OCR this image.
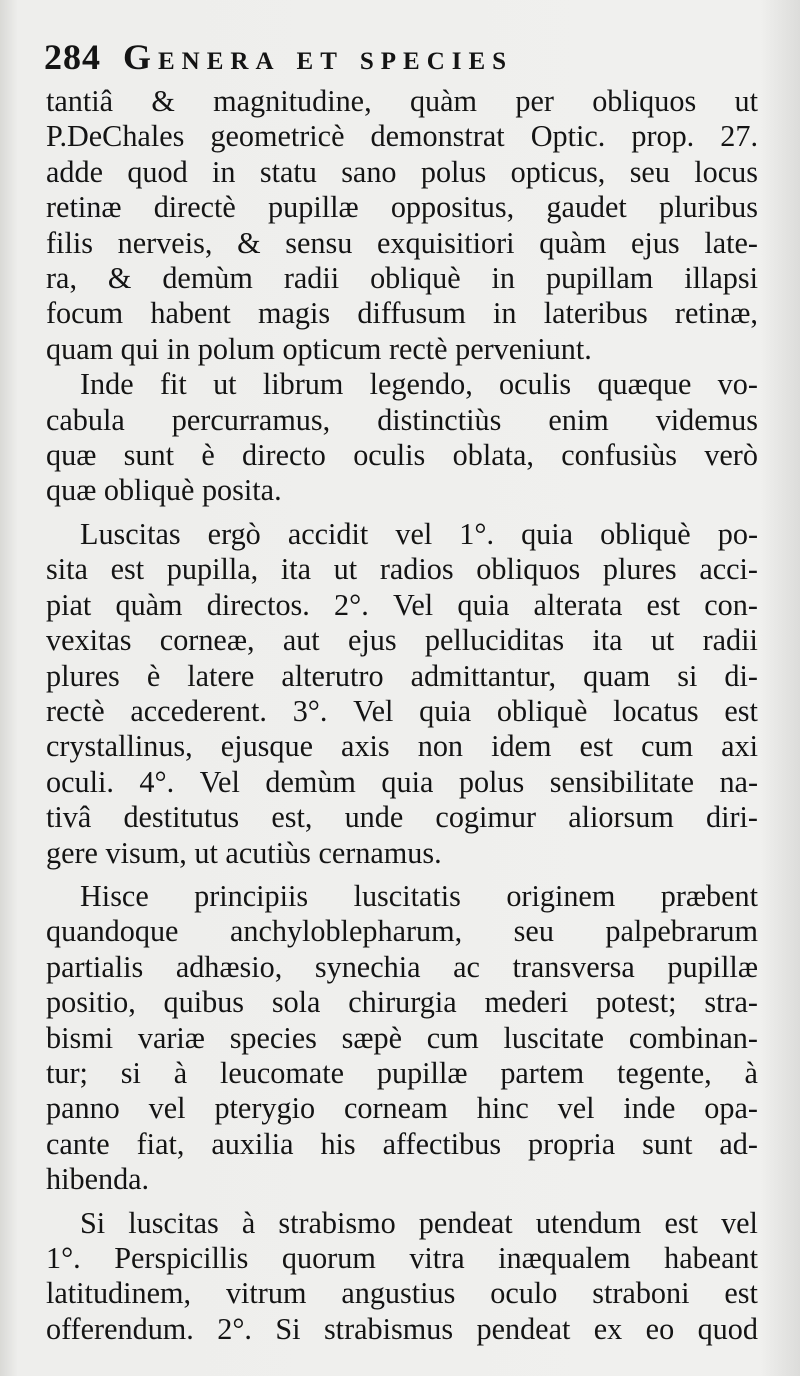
284 Genera et species
tantiâ & magnitudine, quàm per obliquos ut
P.DeChales geometricè demonstrat Optic. prop. 27.
adde quod in statu sano polus opticus, seu locus
retinæ directè pupillæ oppositus, gaudet pluribus
filis nerveis, & sensu exquisitiori quàm ejus late-
ra, & demùm radii obliquè in pupillam illapsi
focum habent magis diffusum in lateribus retinæ,
quam qui in polum opticum rectè perveniunt.
Inde fit ut librum legendo, oculis quæque vo-
cabula percurramus, distinctiùs enim videmus
quæ sunt è directo oculis oblata, confusiùs verò
quæ obliquè posita.
Luscitas ergò accidit vel 1°. quia obliquè po-
sita est pupilla, ita ut radios obliquos plures acci-
piat quàm directos. 2°. Vel quia alterata est con-
vexitas corneæ, aut ejus pelluciditas ita ut radii
plures è latere alterutro admittantur, quam si di-
rectè accederent. 3°. Vel quia obliquè locatus est
crystallinus, ejusque axis non idem est cum axi
oculi. 4°. Vel demùm quia polus sensibilitate na-
tivâ destitutus est, unde cogimur aliorsum diri-
gere visum, ut acutiùs cernamus.
Hisce principiis luscitatis originem præbent
quandoque anchyloblepharum, seu palpebrarum
partialis adhæsio, synechia ac transversa pupillæ
positio, quibus sola chirurgia mederi potest; stra-
bismi variæ species sæpè cum luscitate combinan-
tur; si à leucomate pupillæ partem tegente, à
panno vel pterygio corneam hinc vel inde opa-
cante fiat, auxilia his affectibus propria sunt ad-
hibenda.
Si luscitas à strabismo pendeat utendum est vel
1°. Perspicillis quorum vitra inæqualem habeant
latitudinem, vitrum angustius oculo straboni est
offerendum. 2°. Si strabismus pendeat ex eo quod
